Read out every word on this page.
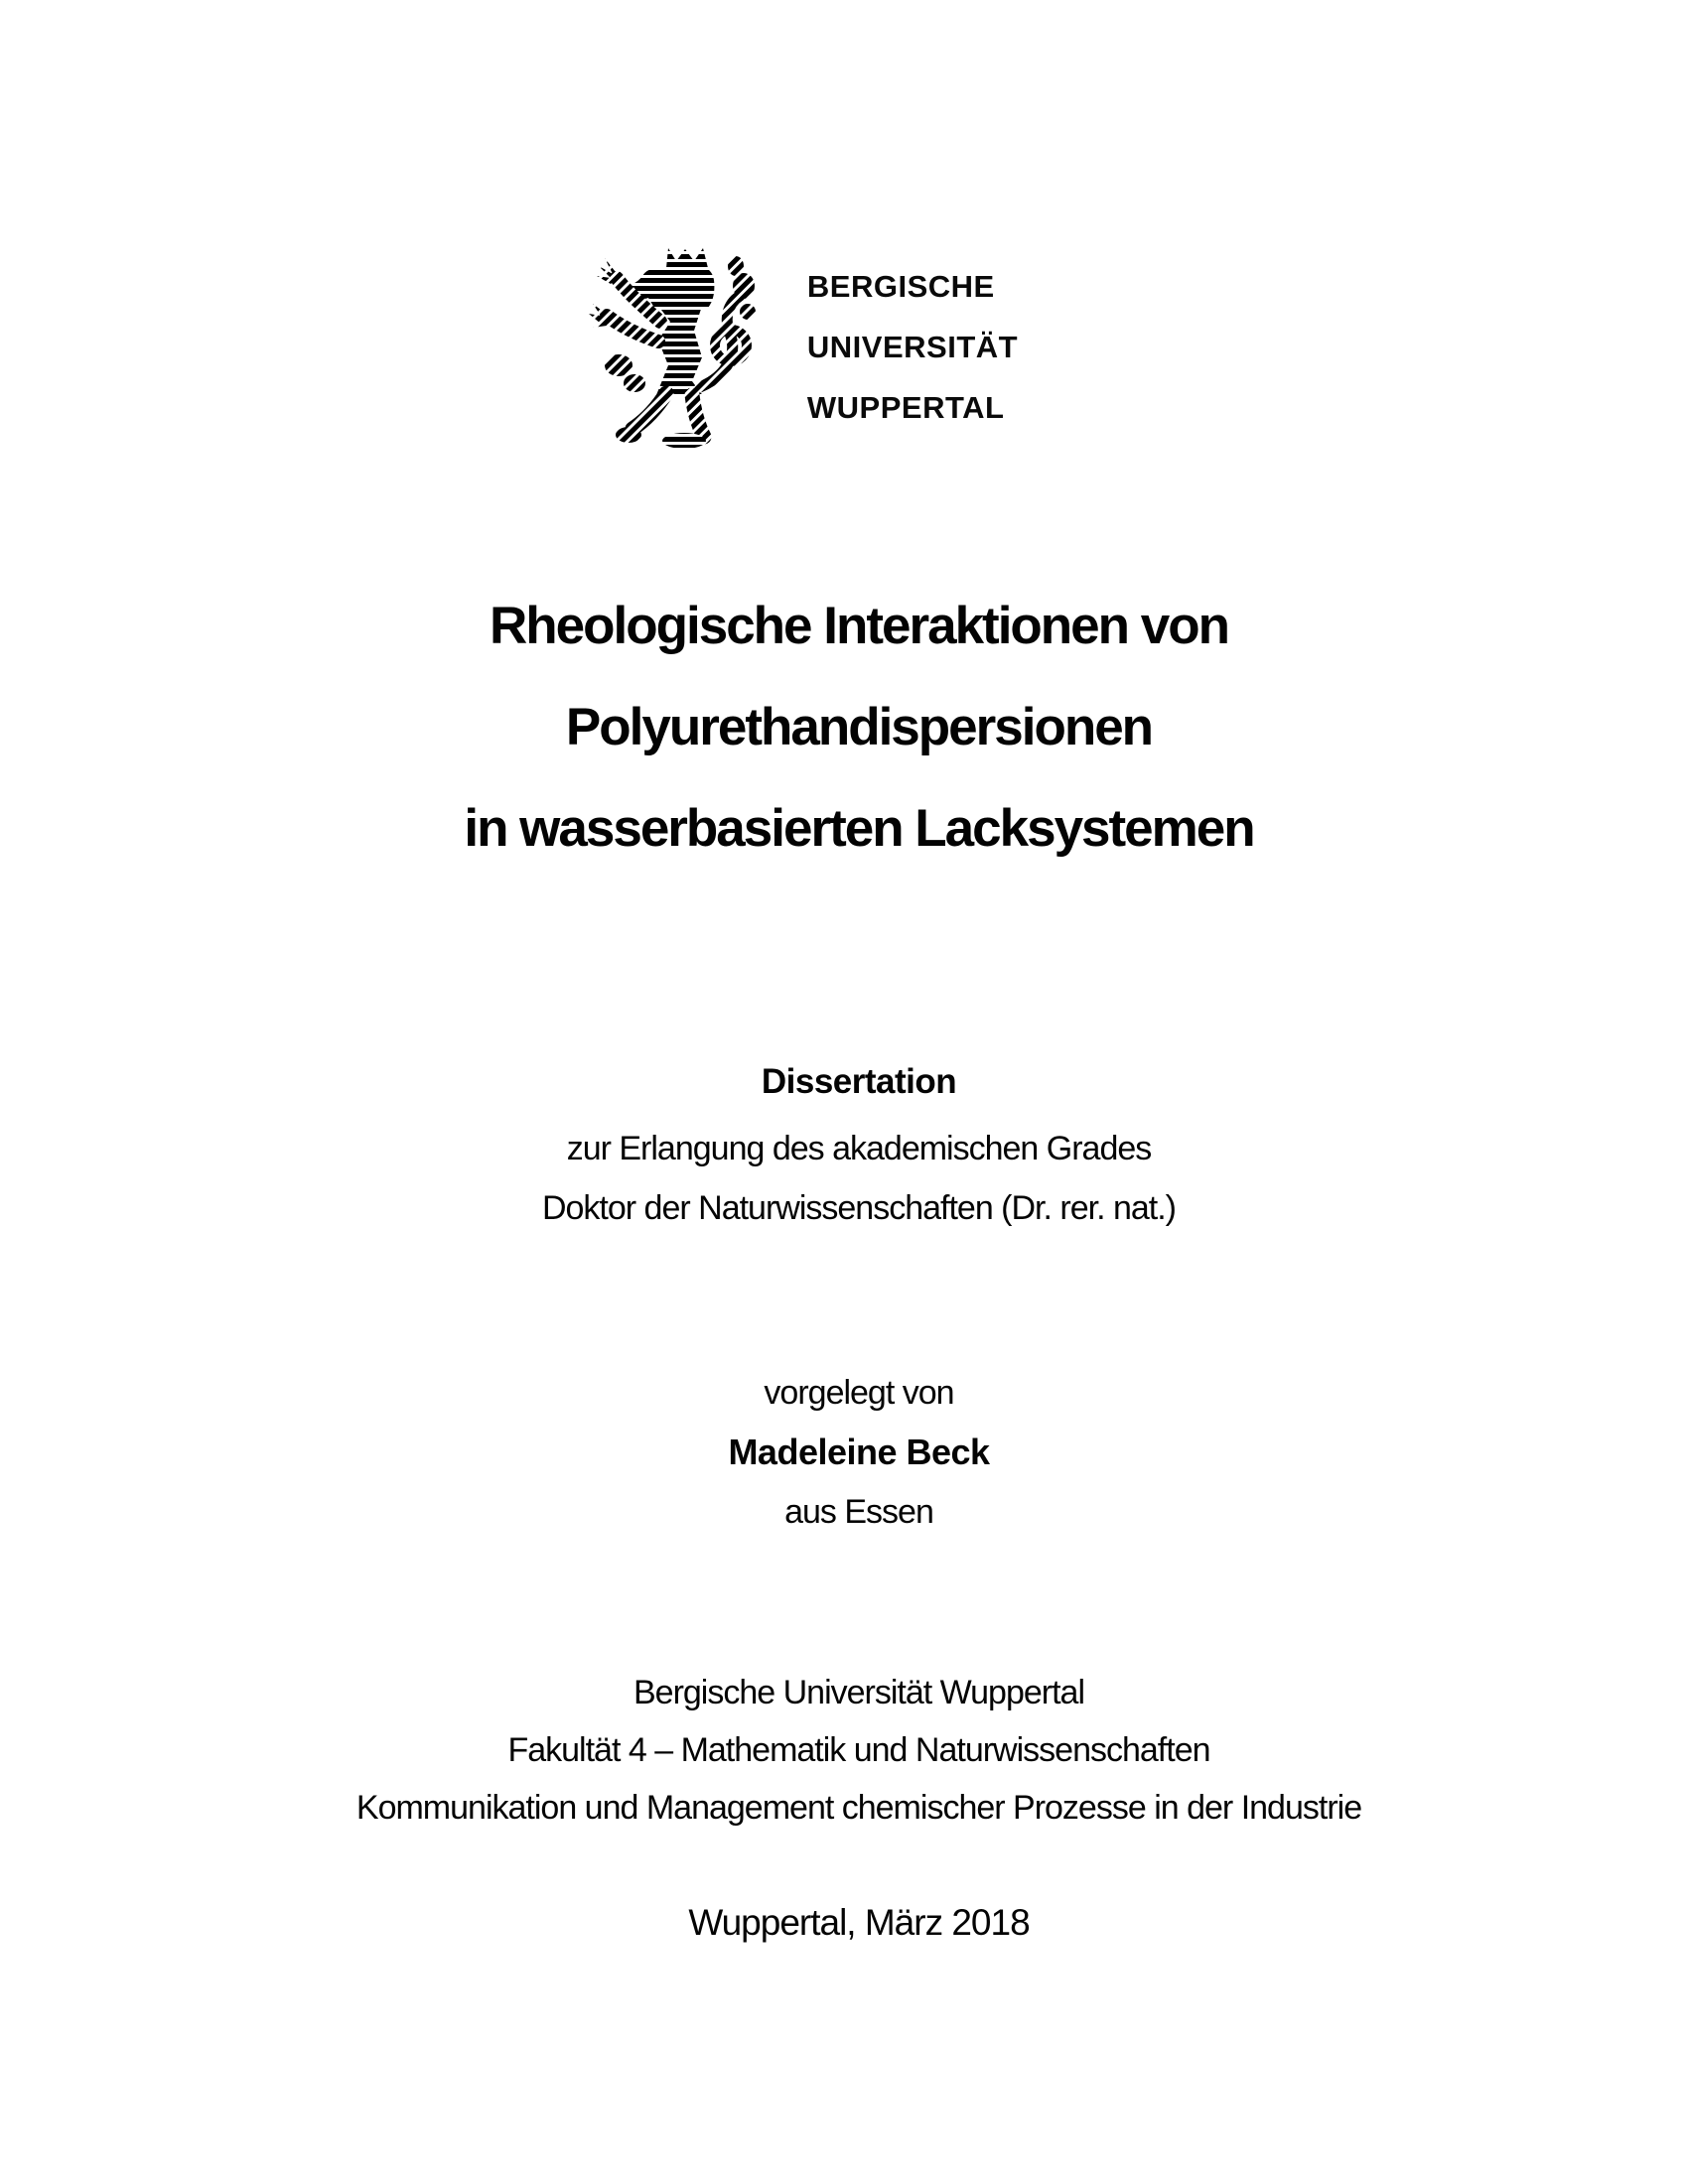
BERGISCHE
UNIVERSITÄT
WUPPERTAL
Rheologische Interaktionen von
Polyurethandispersionen
in wasserbasierten Lacksystemen
Dissertation
zur Erlangung des akademischen Grades
Doktor der Naturwissenschaften (Dr. rer. nat.)
vorgelegt von
Madeleine Beck
aus Essen
Bergische Universität Wuppertal
Fakultät 4 – Mathematik und Naturwissenschaften
Kommunikation und Management chemischer Prozesse in der Industrie
Wuppertal, März 2018
